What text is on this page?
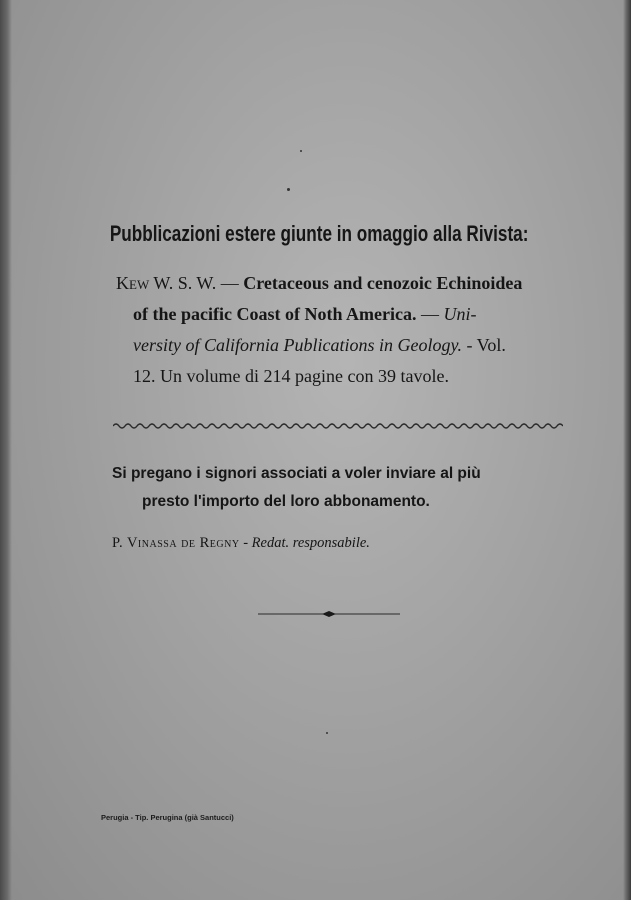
Pubblicazioni estere giunte in omaggio alla Rivista:
Kew W. S. W. — Cretaceous and cenozoic Echinoidea
of the pacific Coast of Noth America. — Uni-
versity of California Publications in Geology. - Vol.
12. Un volume di 214 pagine con 39 tavole.
Si pregano i signori associati a voler inviare al più
presto l'importo del loro abbonamento.
P. Vinassa de Regny - Redat. responsabile.
Perugia - Tip. Perugina (già Santucci)
